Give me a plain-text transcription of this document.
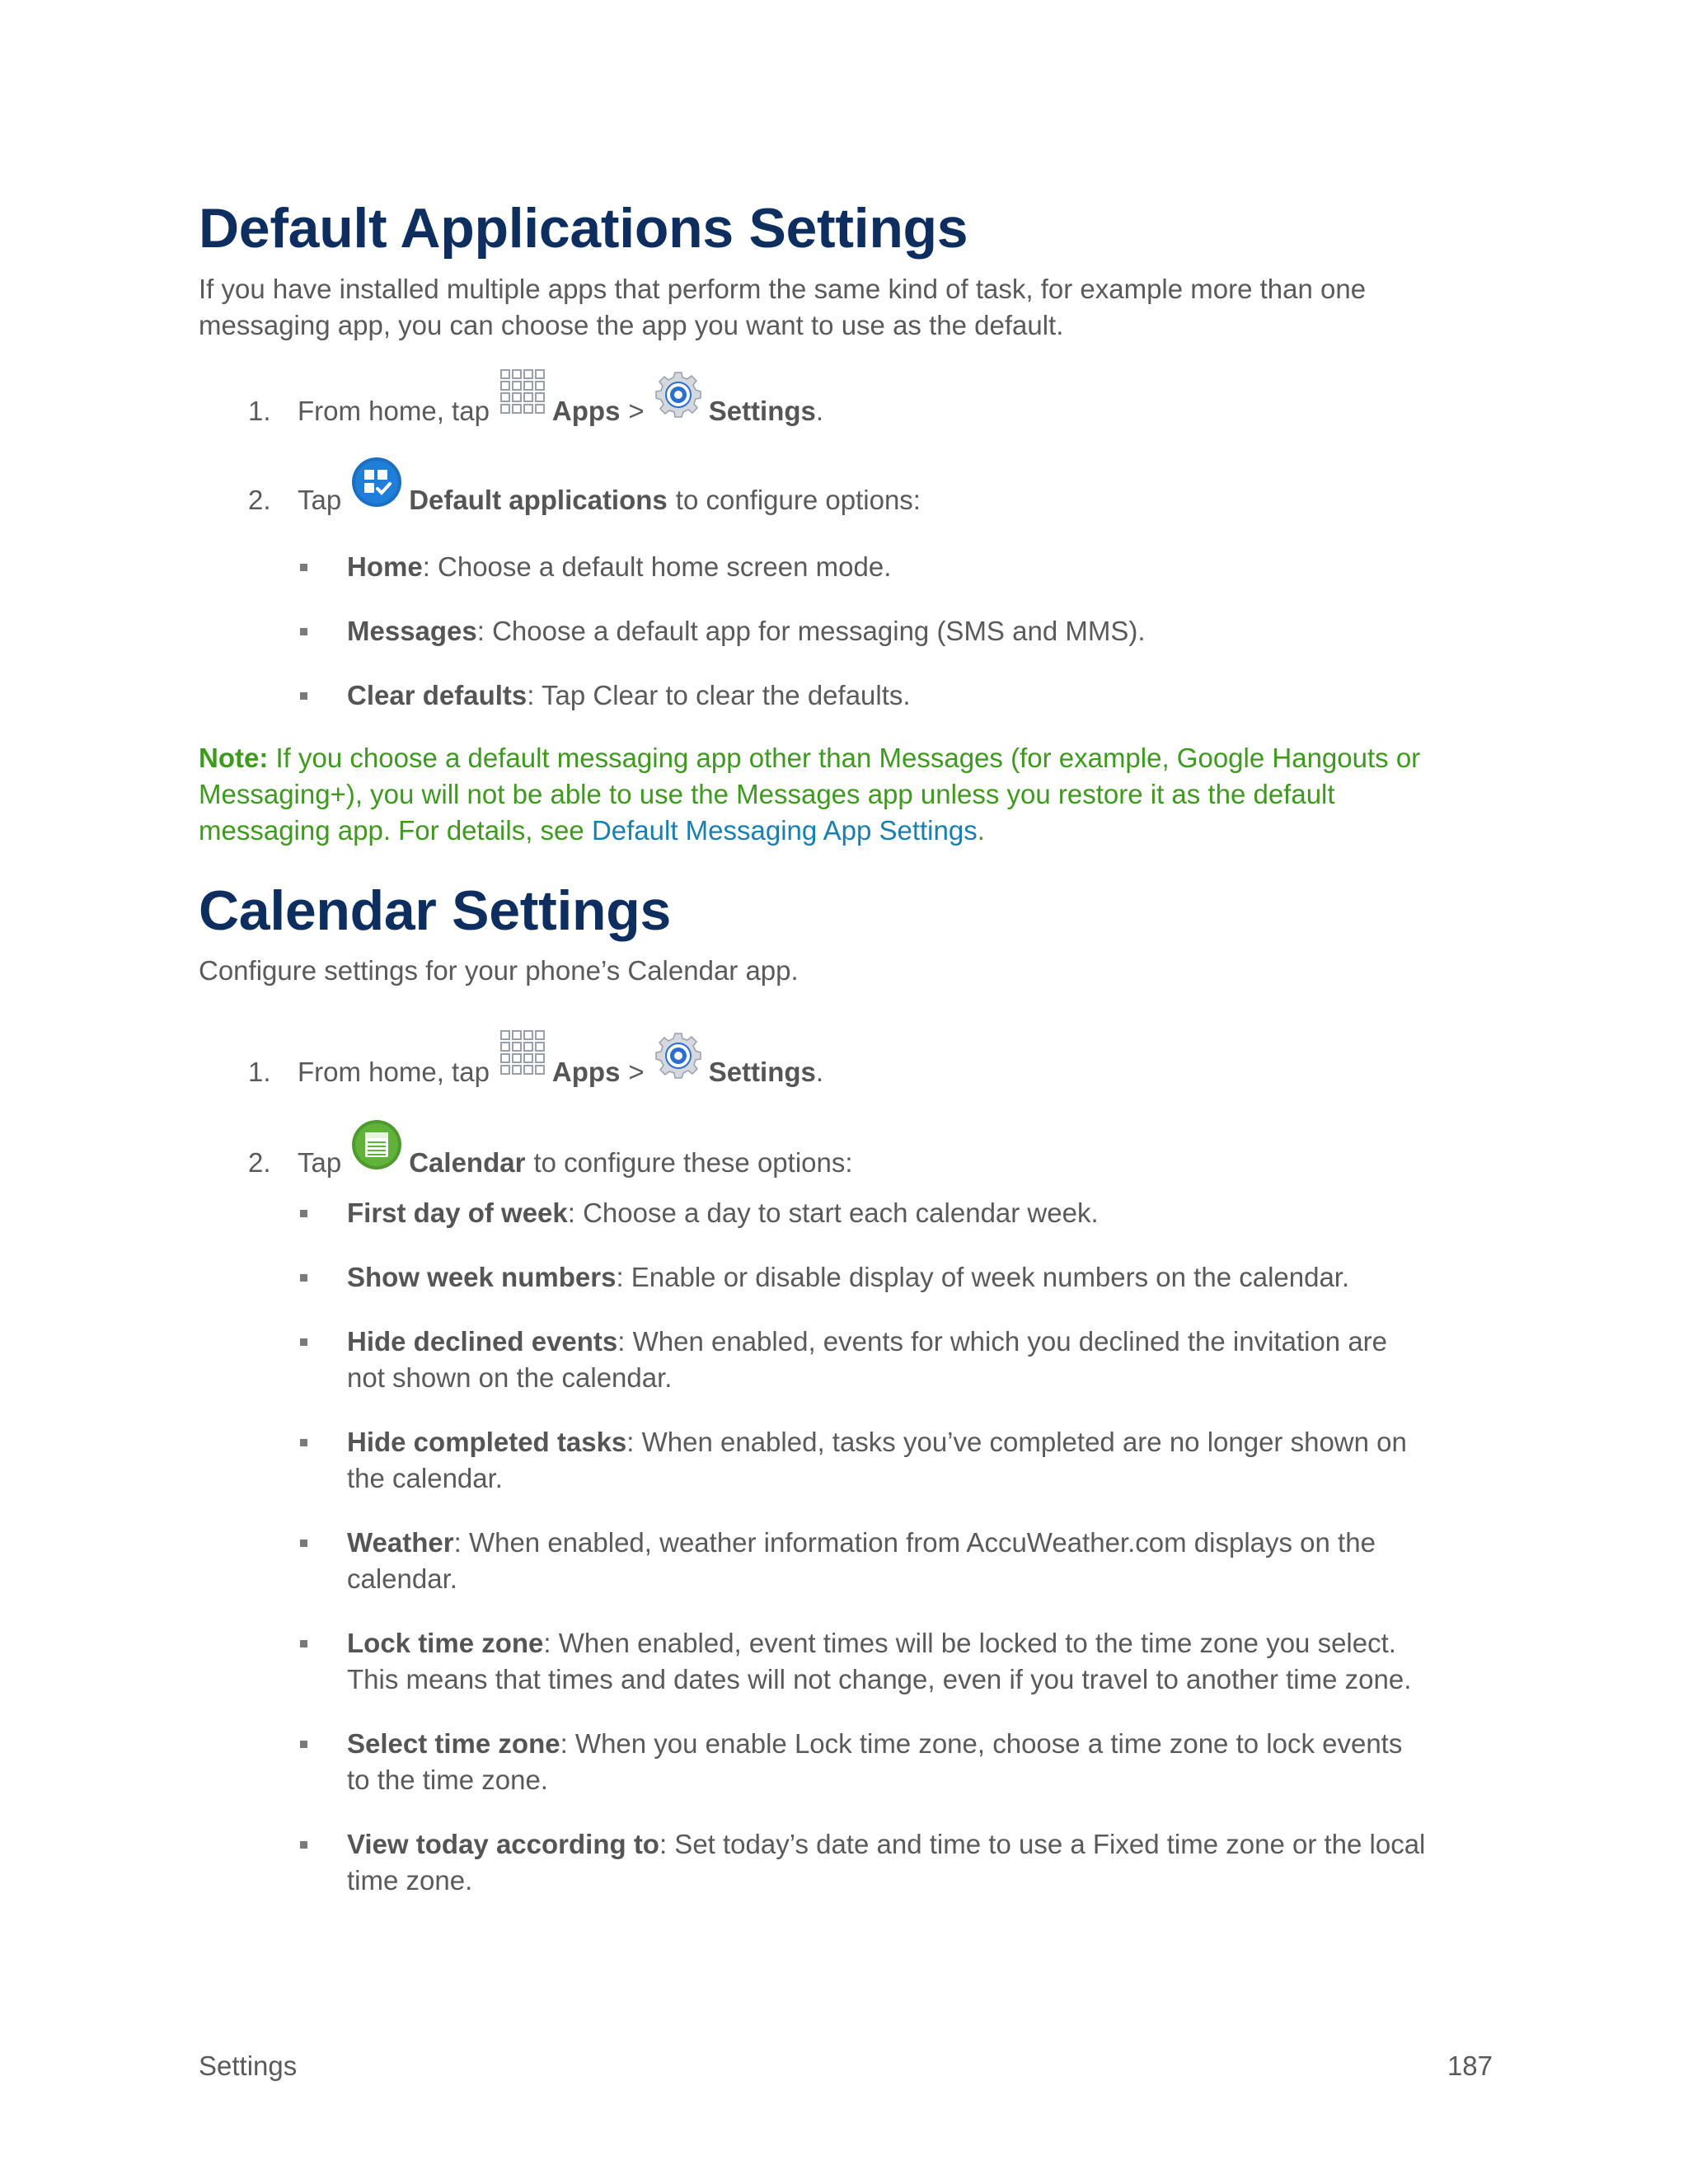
Default Applications Settings

If you have installed multiple apps that perform the same kind of task, for example more than one messaging app, you can choose the app you want to use as the default.

1. From home, tap Apps > Settings .
2. Tap Default applications to configure options:
Home: Choose a default home screen mode.
Messages: Choose a default app for messaging (SMS and MMS).
Clear defaults: Tap Clear to clear the defaults.

Note: If you choose a default messaging app other than Messages (for example, Google Hangouts or Messaging+), you will not be able to use the Messages app unless you restore it as the default messaging app. For details, see Default Messaging App Settings.

Calendar Settings

Configure settings for your phone’s Calendar app.

1. From home, tap Apps > Settings .
2. Tap Calendar to configure these options:
First day of week: Choose a day to start each calendar week.
Show week numbers: Enable or disable display of week numbers on the calendar.
Hide declined events: When enabled, events for which you declined the invitation are not shown on the calendar.
Hide completed tasks: When enabled, tasks you’ve completed are no longer shown on the calendar.
Weather: When enabled, weather information from AccuWeather.com displays on the calendar.
Lock time zone: When enabled, event times will be locked to the time zone you select. This means that times and dates will not change, even if you travel to another time zone.
Select time zone: When you enable Lock time zone, choose a time zone to lock events to the time zone.
View today according to: Set today’s date and time to use a Fixed time zone or the local time zone.
Settings	187
